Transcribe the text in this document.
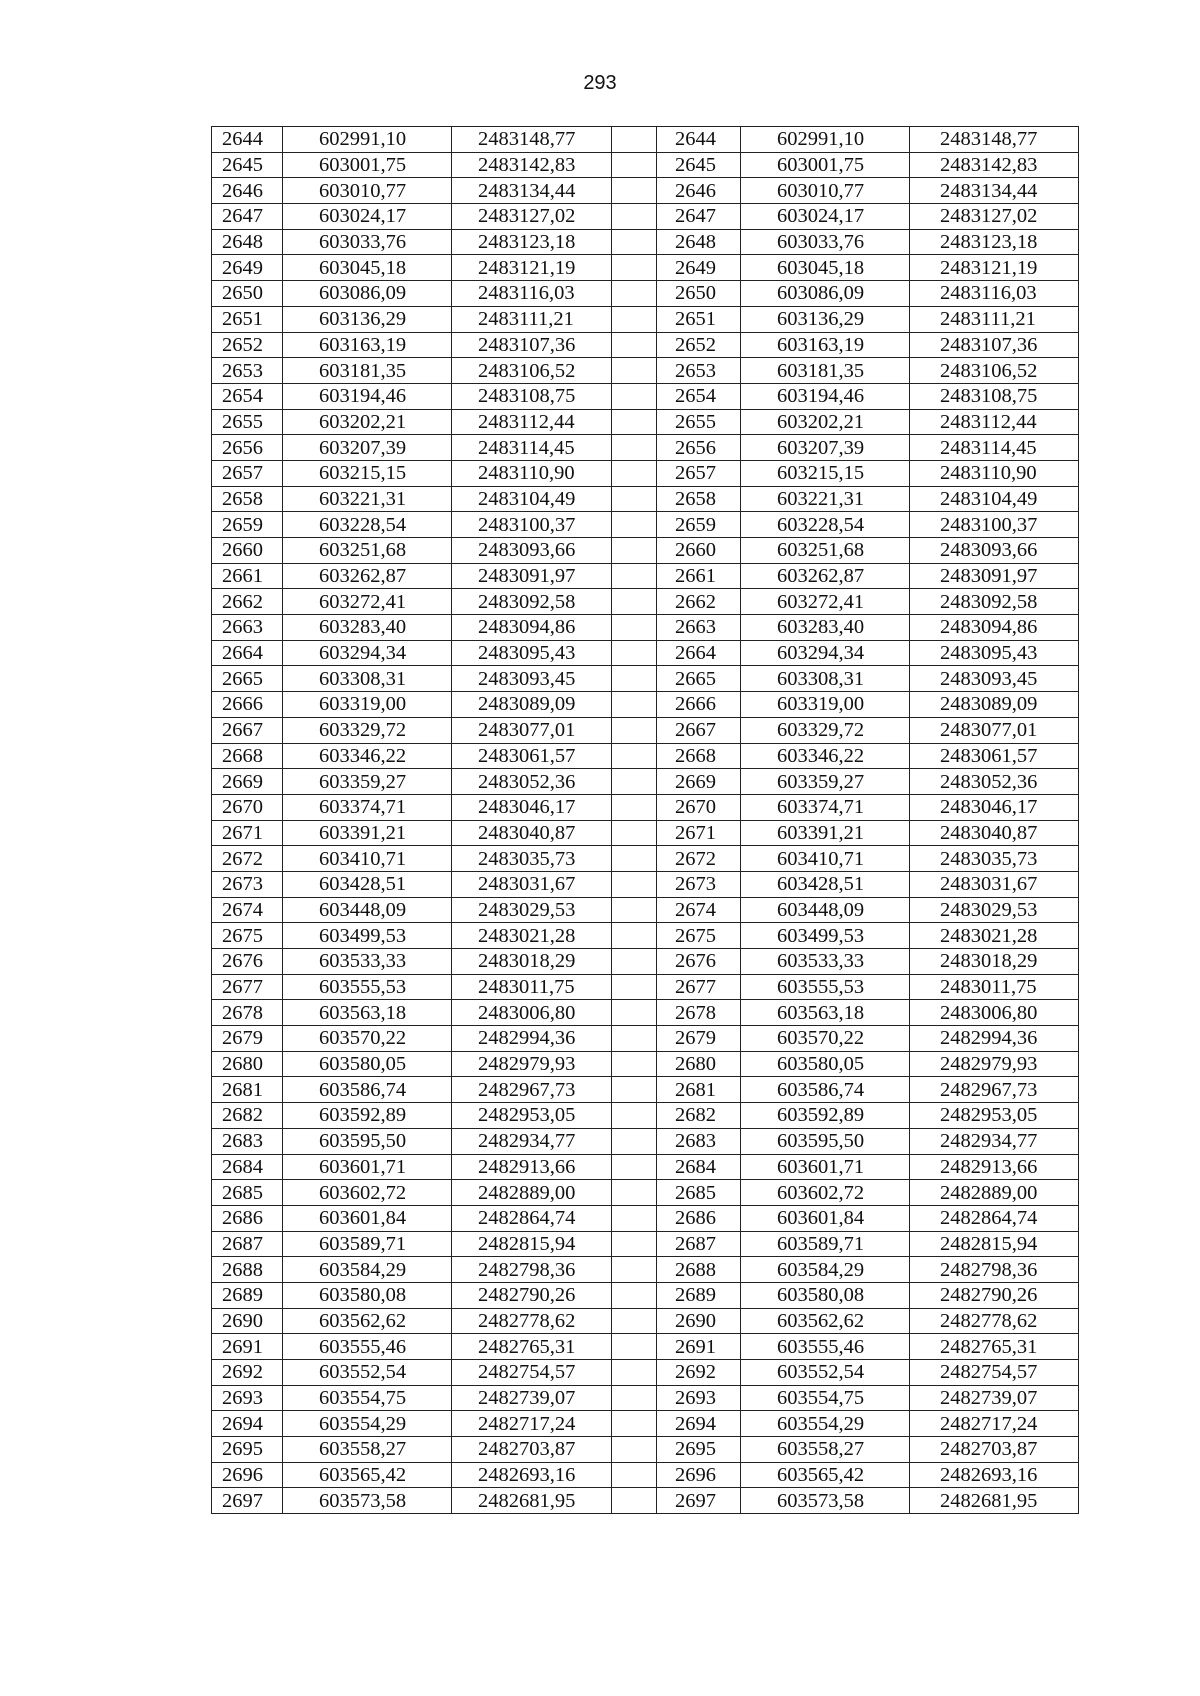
293
2644	602991,10	2483148,77		2644	602991,10	2483148,77
2645	603001,75	2483142,83		2645	603001,75	2483142,83
2646	603010,77	2483134,44		2646	603010,77	2483134,44
2647	603024,17	2483127,02		2647	603024,17	2483127,02
2648	603033,76	2483123,18		2648	603033,76	2483123,18
2649	603045,18	2483121,19		2649	603045,18	2483121,19
2650	603086,09	2483116,03		2650	603086,09	2483116,03
2651	603136,29	2483111,21		2651	603136,29	2483111,21
2652	603163,19	2483107,36		2652	603163,19	2483107,36
2653	603181,35	2483106,52		2653	603181,35	2483106,52
2654	603194,46	2483108,75		2654	603194,46	2483108,75
2655	603202,21	2483112,44		2655	603202,21	2483112,44
2656	603207,39	2483114,45		2656	603207,39	2483114,45
2657	603215,15	2483110,90		2657	603215,15	2483110,90
2658	603221,31	2483104,49		2658	603221,31	2483104,49
2659	603228,54	2483100,37		2659	603228,54	2483100,37
2660	603251,68	2483093,66		2660	603251,68	2483093,66
2661	603262,87	2483091,97		2661	603262,87	2483091,97
2662	603272,41	2483092,58		2662	603272,41	2483092,58
2663	603283,40	2483094,86		2663	603283,40	2483094,86
2664	603294,34	2483095,43		2664	603294,34	2483095,43
2665	603308,31	2483093,45		2665	603308,31	2483093,45
2666	603319,00	2483089,09		2666	603319,00	2483089,09
2667	603329,72	2483077,01		2667	603329,72	2483077,01
2668	603346,22	2483061,57		2668	603346,22	2483061,57
2669	603359,27	2483052,36		2669	603359,27	2483052,36
2670	603374,71	2483046,17		2670	603374,71	2483046,17
2671	603391,21	2483040,87		2671	603391,21	2483040,87
2672	603410,71	2483035,73		2672	603410,71	2483035,73
2673	603428,51	2483031,67		2673	603428,51	2483031,67
2674	603448,09	2483029,53		2674	603448,09	2483029,53
2675	603499,53	2483021,28		2675	603499,53	2483021,28
2676	603533,33	2483018,29		2676	603533,33	2483018,29
2677	603555,53	2483011,75		2677	603555,53	2483011,75
2678	603563,18	2483006,80		2678	603563,18	2483006,80
2679	603570,22	2482994,36		2679	603570,22	2482994,36
2680	603580,05	2482979,93		2680	603580,05	2482979,93
2681	603586,74	2482967,73		2681	603586,74	2482967,73
2682	603592,89	2482953,05		2682	603592,89	2482953,05
2683	603595,50	2482934,77		2683	603595,50	2482934,77
2684	603601,71	2482913,66		2684	603601,71	2482913,66
2685	603602,72	2482889,00		2685	603602,72	2482889,00
2686	603601,84	2482864,74		2686	603601,84	2482864,74
2687	603589,71	2482815,94		2687	603589,71	2482815,94
2688	603584,29	2482798,36		2688	603584,29	2482798,36
2689	603580,08	2482790,26		2689	603580,08	2482790,26
2690	603562,62	2482778,62		2690	603562,62	2482778,62
2691	603555,46	2482765,31		2691	603555,46	2482765,31
2692	603552,54	2482754,57		2692	603552,54	2482754,57
2693	603554,75	2482739,07		2693	603554,75	2482739,07
2694	603554,29	2482717,24		2694	603554,29	2482717,24
2695	603558,27	2482703,87		2695	603558,27	2482703,87
2696	603565,42	2482693,16		2696	603565,42	2482693,16
2697	603573,58	2482681,95		2697	603573,58	2482681,95
